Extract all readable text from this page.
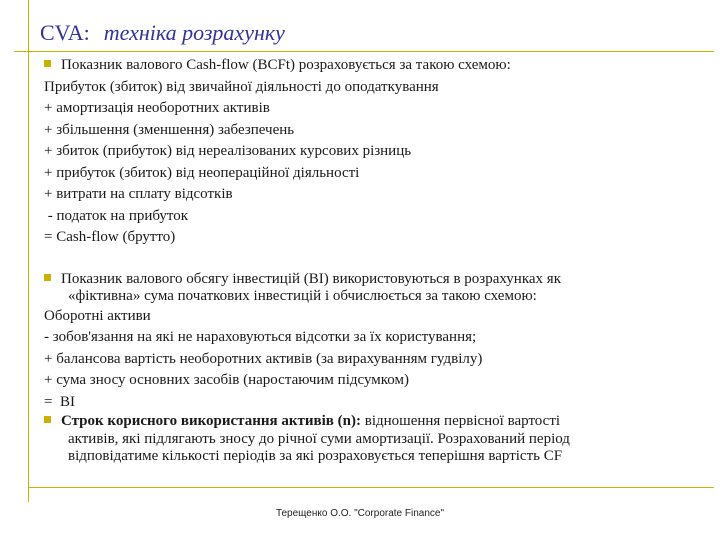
CVA: техніка розрахунку
Показник валового Cash-flow (BCFt) розраховується за такою схемою:
Прибуток (збиток) від звичайної діяльності до оподаткування
+ амортизація необоротних активів
+ збільшення (зменшення) забезпечень
+ збиток (прибуток) від нереалізованих курсових різниць
+ прибуток (збиток) від неопераційної діяльності
+ витрати на сплату відсотків
- податок на прибуток
= Cash-flow (брутто)
Показник валового обсягу інвестицій (ВІ) використовуються в розрахунках як
«фіктивна» сума початкових інвестицій і обчислюється за такою схемою:
Оборотні активи
- зобов'язання на які не нараховуються відсотки за їх користування;
+ балансова вартість необоротних активів (за вирахуванням гудвілу)
+ сума зносу основних засобів (наростаючим підсумком)
=  ВІ
Строк корисного використання активів (n): відношення первісної вартості
активів, які підлягають зносу до річної суми амортизації. Розрахований період
відповідатиме кількості періодів за які розраховується теперішня вартість CF
Терещенко О.О. "Corporate Finance"
